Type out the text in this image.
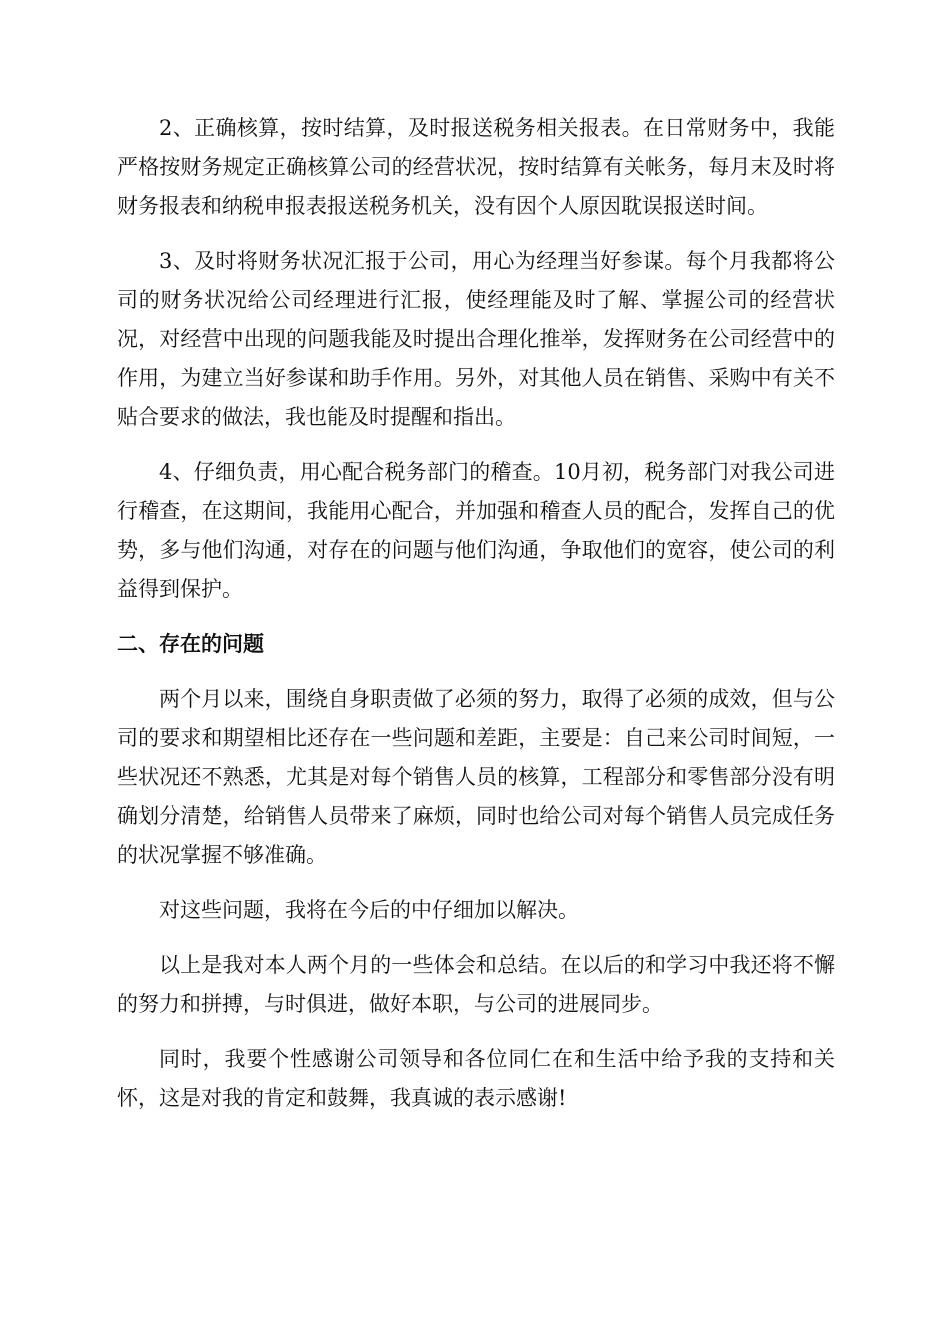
2、正确核算，按时结算，及时报送税务相关报表。在日常财务中，我能严格按财务规定正确核算公司的经营状况，按时结算有关帐务，每月末及时将财务报表和纳税申报表报送税务机关，没有因个人原因耽误报送时间。

3、及时将财务状况汇报于公司，用心为经理当好参谋。每个月我都将公司的财务状况给公司经理进行汇报，使经理能及时了解、掌握公司的经营状况，对经营中出现的问题我能及时提出合理化推举，发挥财务在公司经营中的作用，为建立当好参谋和助手作用。另外，对其他人员在销售、采购中有关不贴合要求的做法，我也能及时提醒和指出。

4、仔细负责，用心配合税务部门的稽查。10月初，税务部门对我公司进行稽查，在这期间，我能用心配合，并加强和稽查人员的配合，发挥自己的优势，多与他们沟通，对存在的问题与他们沟通，争取他们的宽容，使公司的利益得到保护。

二、存在的问题

两个月以来，围绕自身职责做了必须的努力，取得了必须的成效，但与公司的要求和期望相比还存在一些问题和差距，主要是：自己来公司时间短，一些状况还不熟悉，尤其是对每个销售人员的核算，工程部分和零售部分没有明确划分清楚，给销售人员带来了麻烦，同时也给公司对每个销售人员完成任务的状况掌握不够准确。

对这些问题，我将在今后的中仔细加以解决。

以上是我对本人两个月的一些体会和总结。在以后的和学习中我还将不懈的努力和拼搏，与时俱进，做好本职，与公司的进展同步。

同时，我要个性感谢公司领导和各位同仁在和生活中给予我的支持和关怀，这是对我的肯定和鼓舞，我真诚的表示感谢!
